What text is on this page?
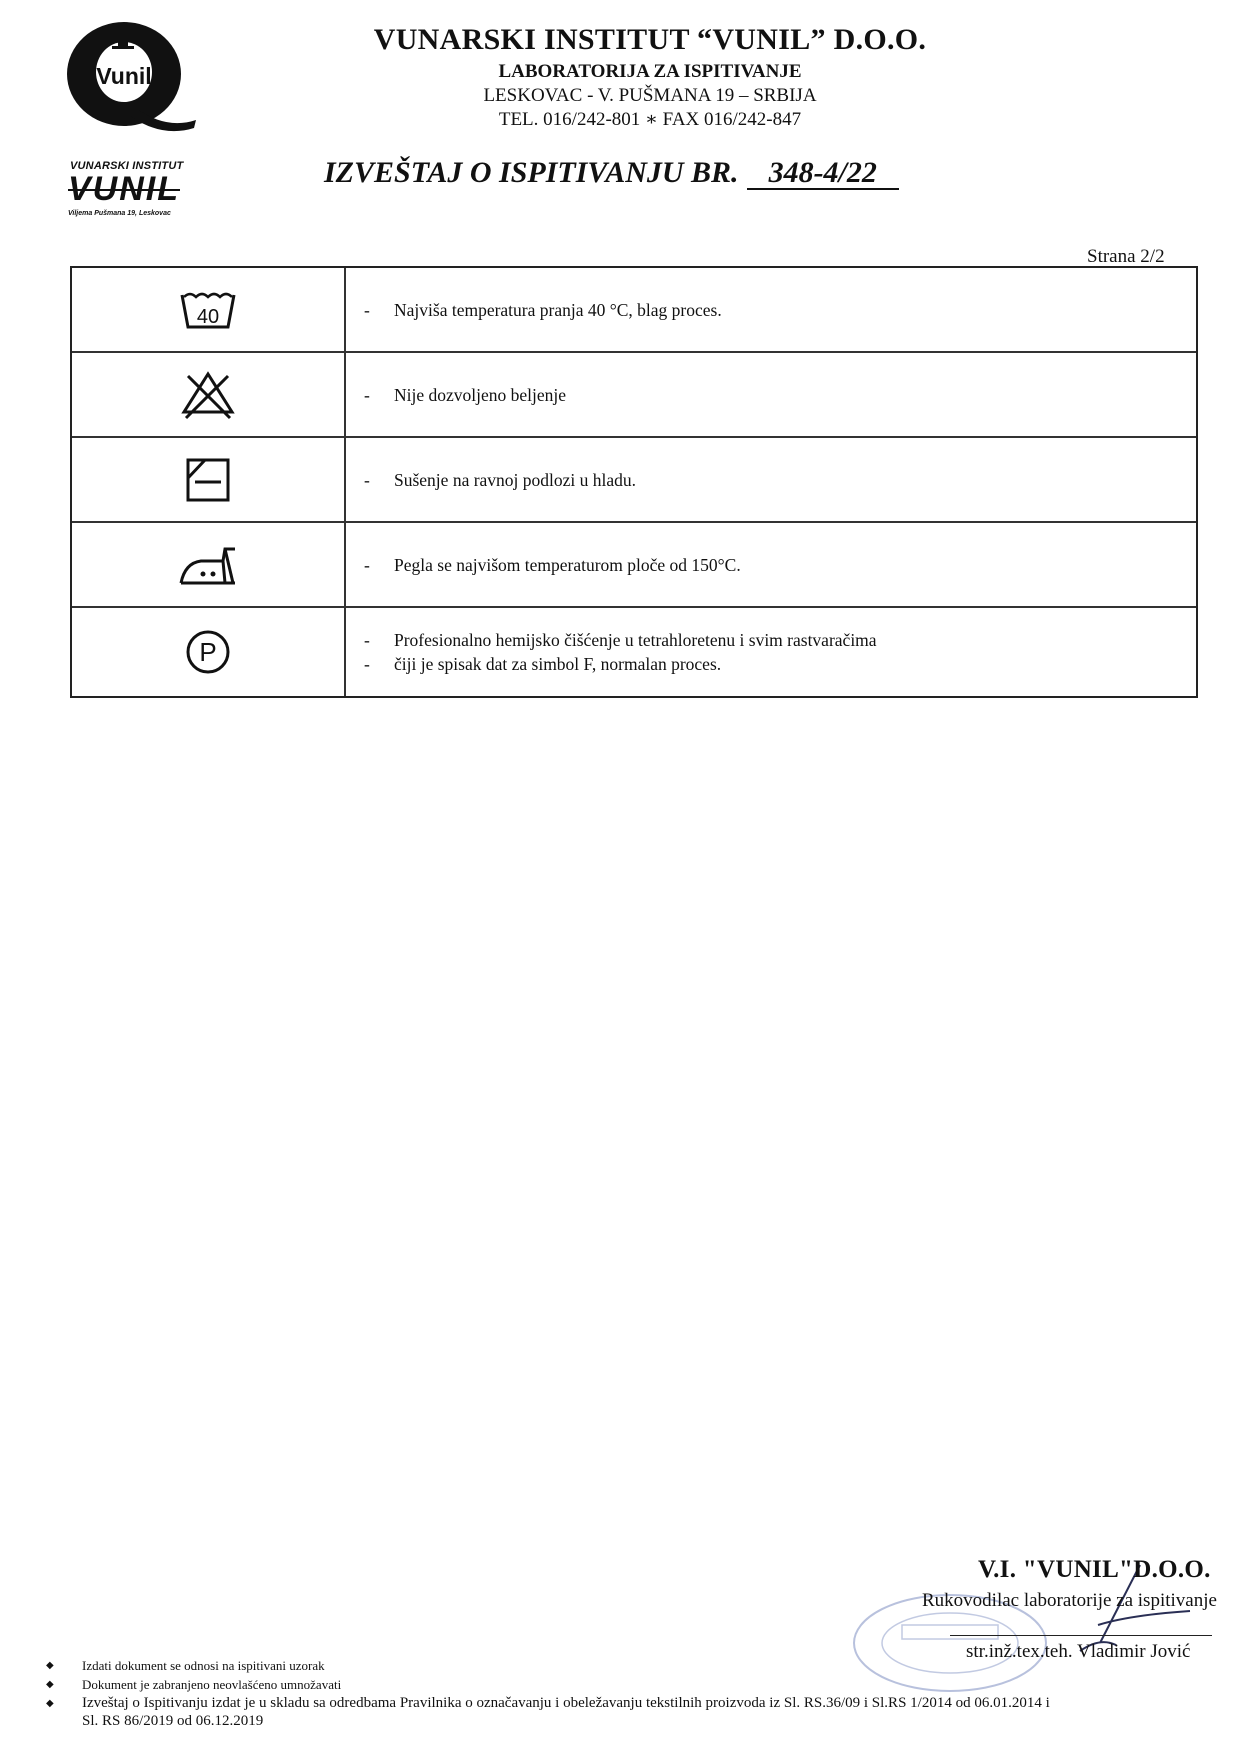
Vunil
VUNARSKI INSTITUT
VUNIL
Viljema Pušmana 19, Leskovac
VUNARSKI INSTITUT “VUNIL” D.O.O.
LABORATORIJA ZA ISPITIVANJE
LESKOVAC - V. PUŠMANA 19 – SRBIJA
TEL. 016/242-801 ∗ FAX 016/242-847
IZVEŠTAJ O ISPITIVANJU BR. 348-4/22
Strana 2/2
40	-	Najviša temperatura pranja 40 °C, blag proces.
-	Nije dozvoljeno beljenje
-	Sušenje na ravnoj podlozi u hladu.
-	Pegla se najvišom temperaturom ploče od 150°C.
P	-	Profesionalno hemijsko čišćenje u tetrahloretenu i svim rastvaračima
-	čiji je spisak dat za simbol F, normalan proces.
V.I. "VUNIL"D.O.O.
Rukovodilac laboratorije za ispitivanje
str.inž.tex.teh. Vladimir Jović
◆	Izdati dokument se odnosi na ispitivani uzorak
◆	Dokument je zabranjeno neovlašćeno umnožavati
◆	Izveštaj o Ispitivanju izdat je u skladu sa odredbama Pravilnika o označavanju i obeležavanju tekstilnih proizvoda iz Sl. RS.36/09 i Sl.RS 1/2014 od 06.01.2014 i
Sl. RS 86/2019 od 06.12.2019
